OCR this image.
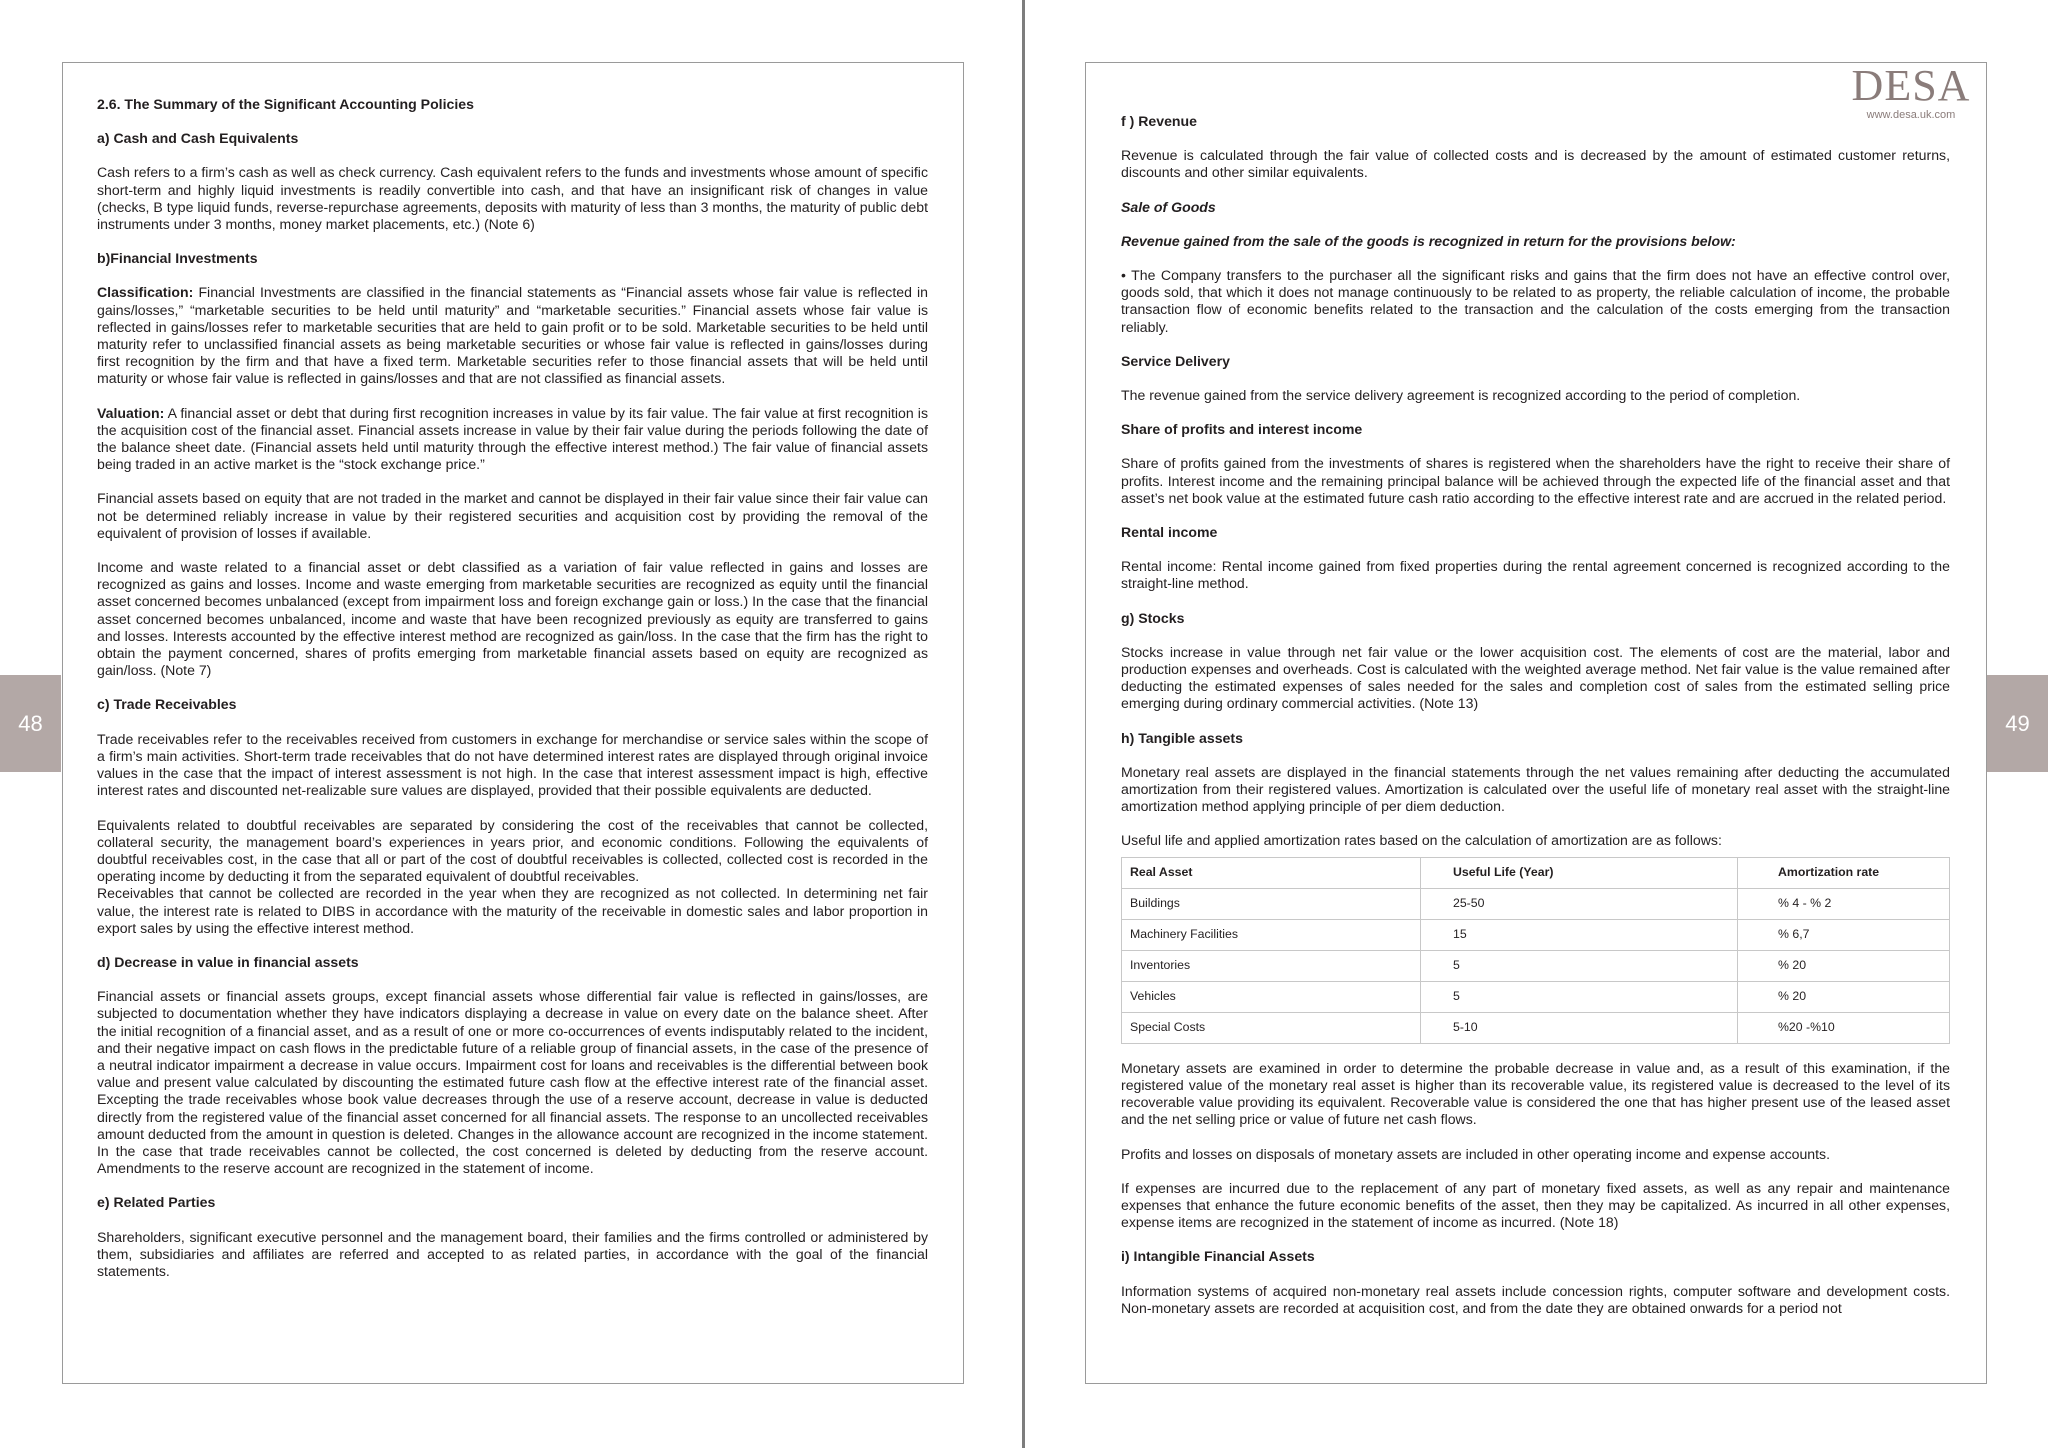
48	49
DESA
www.desa.uk.com
2.6. The Summary of the Significant Accounting Policies
a) Cash and Cash Equivalents

Cash refers to a firm’s cash as well as check currency. Cash equivalent refers to the funds and investments whose amount of specific short-term and highly liquid investments is readily convertible into cash, and that have an insignificant risk of changes in value (checks, B type liquid funds, reverse-repurchase agreements, deposits with maturity of less than 3 months, the maturity of public debt instruments under 3 months, money market placements, etc.) (Note 6)

b)Financial Investments

Classification: Financial Investments are classified in the financial statements as “Financial assets whose fair value is reflected in gains/losses,” “marketable securities to be held until maturity” and “marketable securities.” Financial assets whose fair value is reflected in gains/losses refer to marketable securities that are held to gain profit or to be sold. Marketable securities to be held until maturity refer to unclassified financial assets as being marketable securities or whose fair value is reflected in gains/losses during first recognition by the firm and that have a fixed term. Marketable securities refer to those financial assets that will be held until maturity or whose fair value is reflected in gains/losses and that are not classified as financial assets.

Valuation: A financial asset or debt that during first recognition increases in value by its fair value. The fair value at first recognition is the acquisition cost of the financial asset. Financial assets increase in value by their fair value during the periods following the date of the balance sheet date. (Financial assets held until maturity through the effective interest method.) The fair value of financial assets being traded in an active market is the “stock exchange price.”

Financial assets based on equity that are not traded in the market and cannot be displayed in their fair value since their fair value can not be determined reliably increase in value by their registered securities and acquisition cost by providing the removal of the equivalent of provision of losses if available.

Income and waste related to a financial asset or debt classified as a variation of fair value reflected in gains and losses are recognized as gains and losses. Income and waste emerging from marketable securities are recognized as equity until the financial asset concerned becomes unbalanced (except from impairment loss and foreign exchange gain or loss.) In the case that the financial asset concerned becomes unbalanced, income and waste that have been recognized previously as equity are transferred to gains and losses. Interests accounted by the effective interest method are recognized as gain/loss. In the case that the firm has the right to obtain the payment concerned, shares of profits emerging from marketable financial assets based on equity are recognized as gain/loss. (Note 7)

c) Trade Receivables

Trade receivables refer to the receivables received from customers in exchange for merchandise or service sales within the scope of a firm’s main activities. Short-term trade receivables that do not have determined interest rates are displayed through original invoice values in the case that the impact of interest assessment is not high. In the case that interest assessment impact is high, effective interest rates and discounted net-realizable sure values are displayed, provided that their possible equivalents are deducted.

Equivalents related to doubtful receivables are separated by considering the cost of the receivables that cannot be collected, collateral security, the management board’s experiences in years prior, and economic conditions. Following the equivalents of doubtful receivables cost, in the case that all or part of the cost of doubtful receivables is collected, collected cost is recorded in the operating income by deducting it from the separated equivalent of doubtful receivables.

Receivables that cannot be collected are recorded in the year when they are recognized as not collected. In determining net fair value, the interest rate is related to DIBS in accordance with the maturity of the receivable in domestic sales and labor proportion in export sales by using the effective interest method.

d) Decrease in value in financial assets

Financial assets or financial assets groups, except financial assets whose differential fair value is reflected in gains/losses, are subjected to documentation whether they have indicators displaying a decrease in value on every date on the balance sheet. After the initial recognition of a financial asset, and as a result of one or more co-occurrences of events indisputably related to the incident, and their negative impact on cash flows in the predictable future of a reliable group of financial assets, in the case of the presence of a neutral indicator impairment a decrease in value occurs. Impairment cost for loans and receivables is the differential between book value and present value calculated by discounting the estimated future cash flow at the effective interest rate of the financial asset. Excepting the trade receivables whose book value decreases through the use of a reserve account, decrease in value is deducted directly from the registered value of the financial asset concerned for all financial assets. The response to an uncollected receivables amount deducted from the amount in question is deleted. Changes in the allowance account are recognized in the income statement. In the case that trade receivables cannot be collected, the cost concerned is deleted by deducting from the reserve account. Amendments to the reserve account are recognized in the statement of income.

e) Related Parties

Shareholders, significant executive personnel and the management board, their families and the firms controlled or administered by them, subsidiaries and affiliates are referred and accepted to as related parties, in accordance with the goal of the financial statements.

f ) Revenue

Revenue is calculated through the fair value of collected costs and is decreased by the amount of estimated customer returns, discounts and other similar equivalents.

Sale of Goods

Revenue gained from the sale of the goods is recognized in return for the provisions below:

• The Company transfers to the purchaser all the significant risks and gains that the firm does not have an effective control over, goods sold, that which it does not manage continuously to be related to as property, the reliable calculation of income, the probable transaction flow of economic benefits related to the transaction and the calculation of the costs emerging from the transaction reliably.

Service Delivery

The revenue gained from the service delivery agreement is recognized according to the period of completion.

Share of profits and interest income

Share of profits gained from the investments of shares is registered when the shareholders have the right to receive their share of profits. Interest income and the remaining principal balance will be achieved through the expected life of the financial asset and that asset’s net book value at the estimated future cash ratio according to the effective interest rate and are accrued in the related period.

Rental income

Rental income: Rental income gained from fixed properties during the rental agreement concerned is recognized according to the straight-line method.

g) Stocks

Stocks increase in value through net fair value or the lower acquisition cost. The elements of cost are the material, labor and production expenses and overheads. Cost is calculated with the weighted average method. Net fair value is the value remained after deducting the estimated expenses of sales needed for the sales and completion cost of sales from the estimated selling price emerging during ordinary commercial activities. (Note 13)

h) Tangible assets

Monetary real assets are displayed in the financial statements through the net values remaining after deducting the accumulated amortization from their registered values. Amortization is calculated over the useful life of monetary real asset with the straight-line amortization method applying principle of per diem deduction.

Useful life and applied amortization rates based on the calculation of amortization are as follows:

Real Asset	Useful Life (Year)	Amortization rate
Buildings	25-50	% 4 - % 2
Machinery Facilities	15	% 6,7
Inventories	5	% 20
Vehicles	5	% 20
Special Costs	5-10	%20 -%10

Monetary assets are examined in order to determine the probable decrease in value and, as a result of this examination, if the registered value of the monetary real asset is higher than its recoverable value, its registered value is decreased to the level of its recoverable value providing its equivalent. Recoverable value is considered the one that has higher present use of the leased asset and the net selling price or value of future net cash flows.

Profits and losses on disposals of monetary assets are included in other operating income and expense accounts.

If expenses are incurred due to the replacement of any part of monetary fixed assets, as well as any repair and maintenance expenses that enhance the future economic benefits of the asset, then they may be capitalized. As incurred in all other expenses, expense items are recognized in the statement of income as incurred. (Note 18)

i) Intangible Financial Assets

Information systems of acquired non-monetary real assets include concession rights, computer software and development costs. Non-monetary assets are recorded at acquisition cost, and from the date they are obtained onwards for a period not
